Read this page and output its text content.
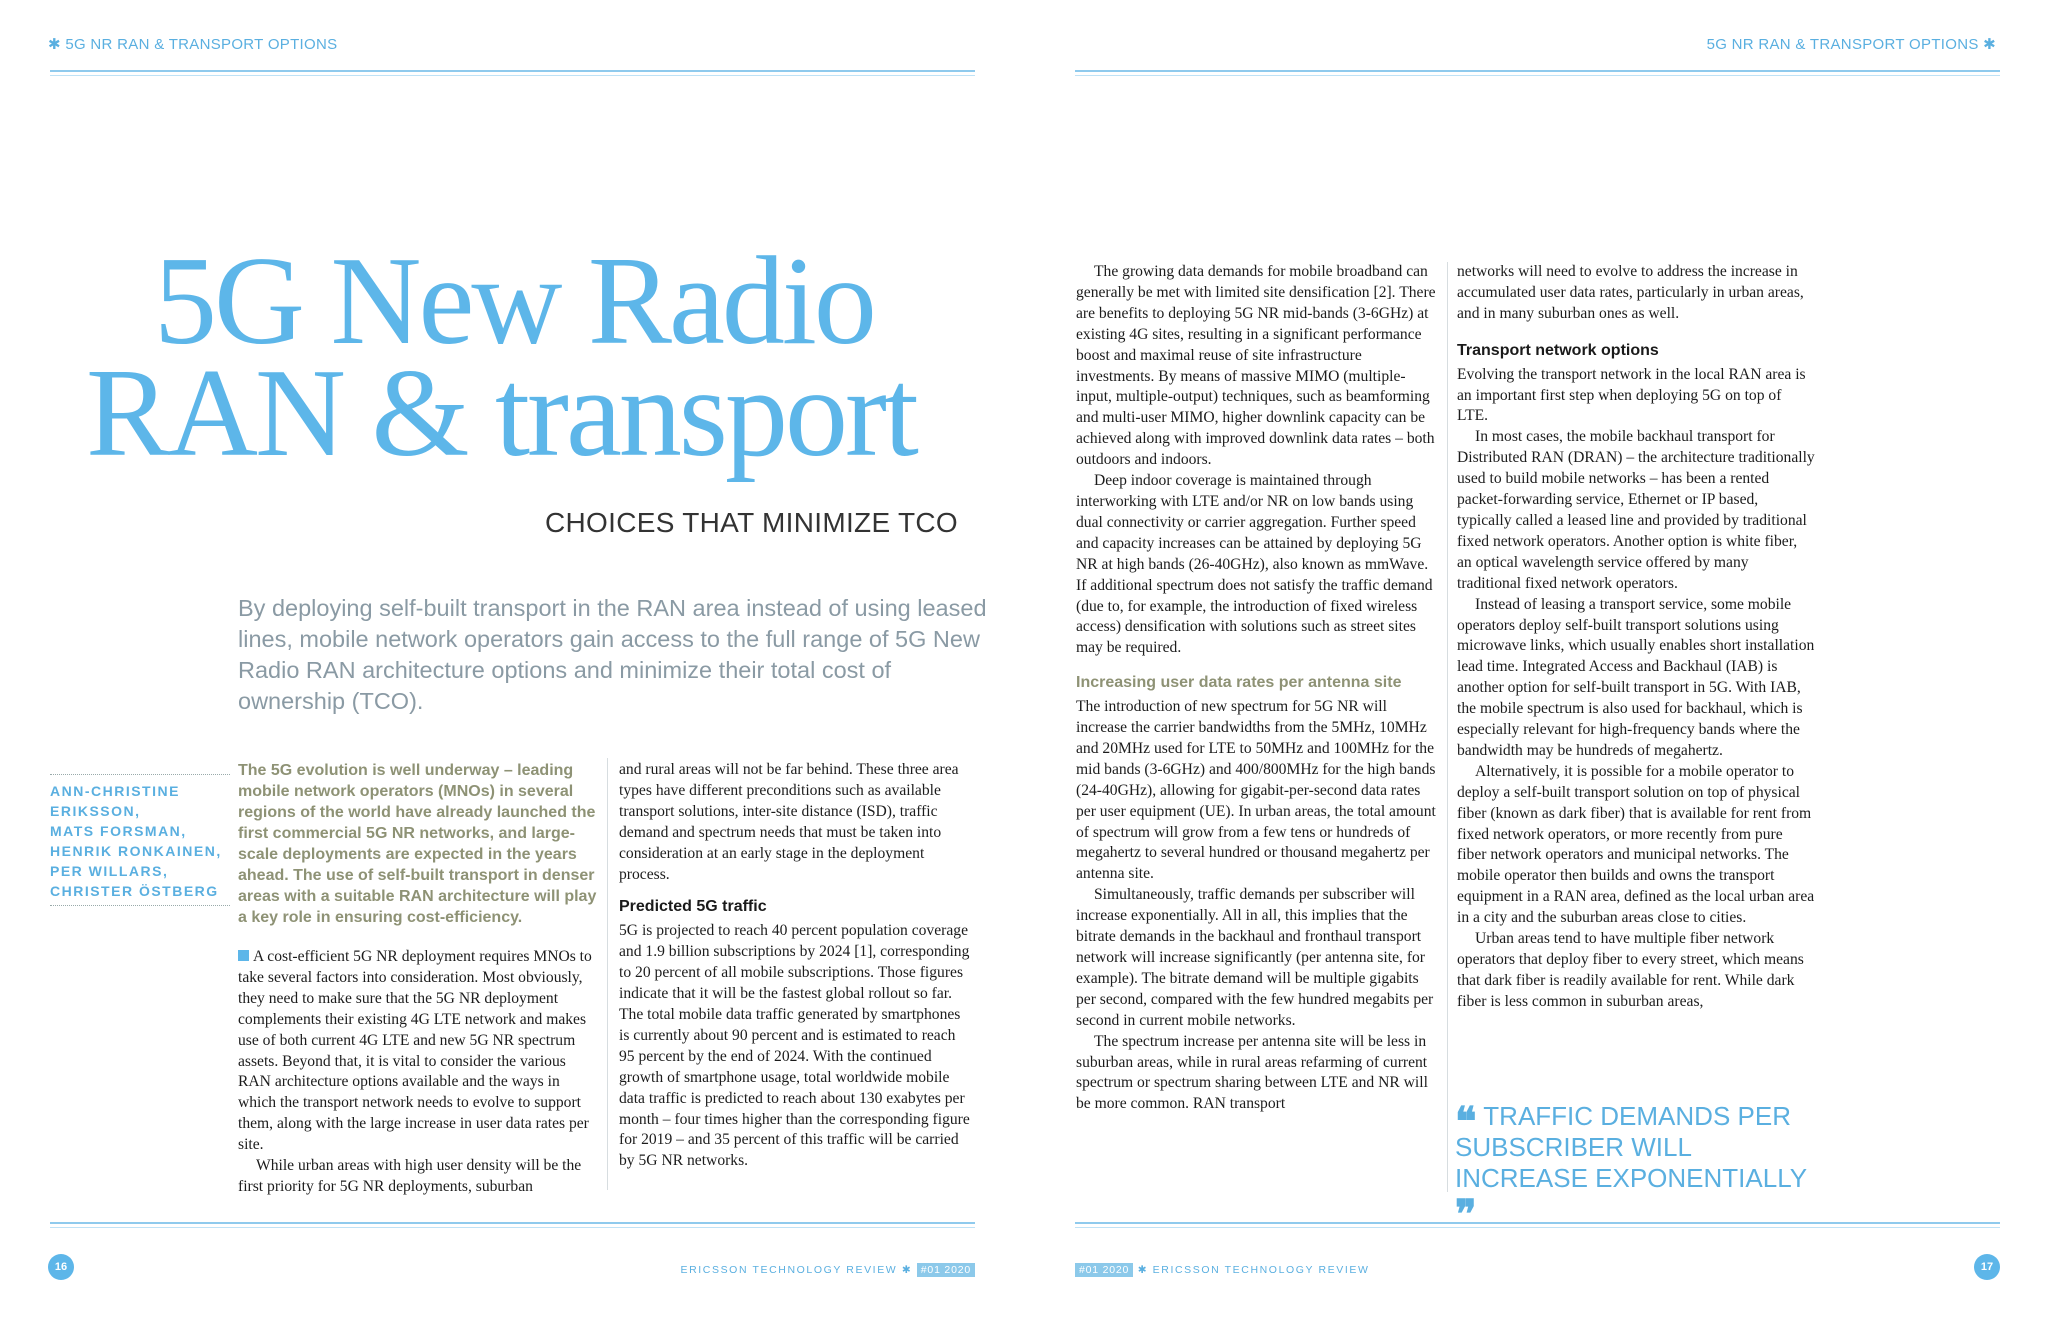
✱ 5G NR RAN & TRANSPORT OPTIONS	5G NR RAN & TRANSPORT OPTIONS ✱
5G New Radio
RAN & transport
CHOICES THAT MINIMIZE TCO
By deploying self-built transport in the RAN area instead of using leased lines, mobile network operators gain access to the full range of 5G New Radio RAN architecture options and minimize their total cost of ownership (TCO).
ANN-CHRISTINE
ERIKSSON,
MATS FORSMAN,
HENRIK RONKAINEN,
PER WILLARS,
CHRISTER ÖSTBERG
The 5G evolution is well underway – leading mobile network operators (MNOs) in several regions of the world have already launched the first commercial 5G NR networks, and large-scale deployments are expected in the years ahead. The use of self-built transport in denser areas with a suitable RAN architecture will play a key role in ensuring cost-efficiency.

A cost-efficient 5G NR deployment requires MNOs to take several factors into consideration. Most obviously, they need to make sure that the 5G NR deployment complements their existing 4G LTE network and makes use of both current 4G LTE and new 5G NR spectrum assets. Beyond that, it is vital to consider the various RAN architecture options available and the ways in which the transport network needs to evolve to support them, along with the large increase in user data rates per site.

While urban areas with high user density will be the first priority for 5G NR deployments, suburban

and rural areas will not be far behind. These three area types have different preconditions such as available transport solutions, inter-site distance (ISD), traffic demand and spectrum needs that must be taken into consideration at an early stage in the deployment process.

Predicted 5G traffic

5G is projected to reach 40 percent population coverage and 1.9 billion subscriptions by 2024 [1], corresponding to 20 percent of all mobile subscriptions. Those figures indicate that it will be the fastest global rollout so far. The total mobile data traffic generated by smartphones is currently about 90 percent and is estimated to reach 95 percent by the end of 2024. With the continued growth of smartphone usage, total worldwide mobile data traffic is predicted to reach about 130 exabytes per month – four times higher than the corresponding figure for 2019 – and 35 percent of this traffic will be carried by 5G NR networks.

The growing data demands for mobile broadband can generally be met with limited site densification [2]. There are benefits to deploying 5G NR mid-bands (3-6GHz) at existing 4G sites, resulting in a significant performance boost and maximal reuse of site infrastructure investments. By means of massive MIMO (multiple-input, multiple-output) techniques, such as beamforming and multi-user MIMO, higher downlink capacity can be achieved along with improved downlink data rates – both outdoors and indoors.

Deep indoor coverage is maintained through interworking with LTE and/or NR on low bands using dual connectivity or carrier aggregation. Further speed and capacity increases can be attained by deploying 5G NR at high bands (26-40GHz), also known as mmWave. If additional spectrum does not satisfy the traffic demand (due to, for example, the introduction of fixed wireless access) densification with solutions such as street sites may be required.

Increasing user data rates per antenna site

The introduction of new spectrum for 5G NR will increase the carrier bandwidths from the 5MHz, 10MHz and 20MHz used for LTE to 50MHz and 100MHz for the mid bands (3-6GHz) and 400/800MHz for the high bands (24-40GHz), allowing for gigabit-per-second data rates per user equipment (UE). In urban areas, the total amount of spectrum will grow from a few tens or hundreds of megahertz to several hundred or thousand megahertz per antenna site.

Simultaneously, traffic demands per subscriber will increase exponentially. All in all, this implies that the bitrate demands in the backhaul and fronthaul transport network will increase significantly (per antenna site, for example). The bitrate demand will be multiple gigabits per second, compared with the few hundred megabits per second in current mobile networks.

The spectrum increase per antenna site will be less in suburban areas, while in rural areas refarming of current spectrum or spectrum sharing between LTE and NR will be more common. RAN transport

networks will need to evolve to address the increase in accumulated user data rates, particularly in urban areas, and in many suburban ones as well.

Transport network options

Evolving the transport network in the local RAN area is an important first step when deploying 5G on top of LTE.

In most cases, the mobile backhaul transport for Distributed RAN (DRAN) – the architecture traditionally used to build mobile networks – has been a rented packet-forwarding service, Ethernet or IP based, typically called a leased line and provided by traditional fixed network operators. Another option is white fiber, an optical wavelength service offered by many traditional fixed network operators.

Instead of leasing a transport service, some mobile operators deploy self-built transport solutions using microwave links, which usually enables short installation lead time. Integrated Access and Backhaul (IAB) is another option for self-built transport in 5G. With IAB, the mobile spectrum is also used for backhaul, which is especially relevant for high-frequency bands where the bandwidth may be hundreds of megahertz.

Alternatively, it is possible for a mobile operator to deploy a self-built transport solution on top of physical fiber (known as dark fiber) that is available for rent from fixed network operators, or more recently from pure fiber network operators and municipal networks. The mobile operator then builds and owns the transport equipment in a RAN area, defined as the local urban area in a city and the suburban areas close to cities.

Urban areas tend to have multiple fiber network operators that deploy fiber to every street, which means that dark fiber is readily available for rent. While dark fiber is less common in suburban areas,

❝ TRAFFIC DEMANDS PER SUBSCRIBER WILL INCREASE EXPONENTIALLY ❞
16	ERICSSON TECHNOLOGY REVIEW ✱ #01 2020	#01 2020 ✱ ERICSSON TECHNOLOGY REVIEW	17
